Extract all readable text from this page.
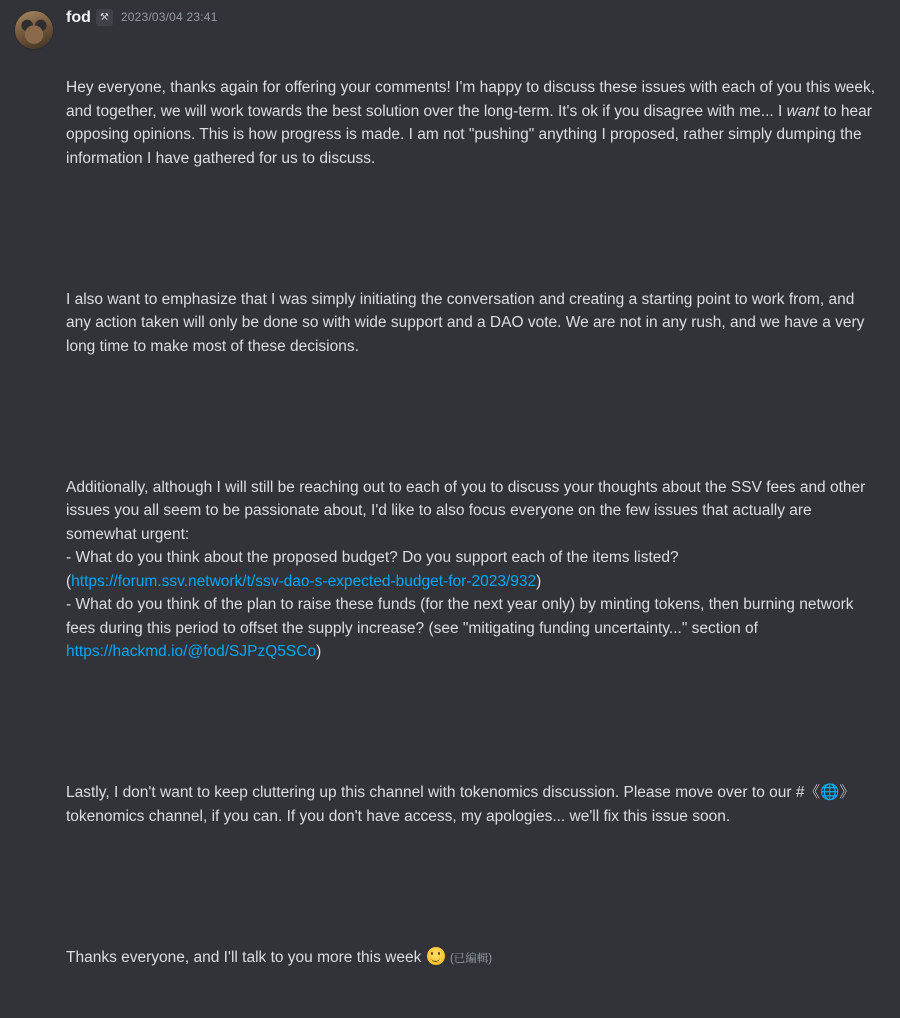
fod ⚒	2023/03/04 23:41

Hey everyone, thanks again for offering your comments! I'm happy to discuss these issues with each of you this week, and together, we will work towards the best solution over the long-term. It's ok if you disagree with me... I want to hear opposing opinions. This is how progress is made. I am not "pushing" anything I proposed, rather simply dumping the information I have gathered for us to discuss.

I also want to emphasize that I was simply initiating the conversation and creating a starting point to work from, and any action taken will only be done so with wide support and a DAO vote. We are not in any rush, and we have a very long time to make most of these decisions.

Additionally, although I will still be reaching out to each of you to discuss your thoughts about the SSV fees and other issues you all seem to be passionate about, I'd like to also focus everyone on the few issues that actually are somewhat urgent:
- What do you think about the proposed budget? Do you support each of the items listed? (https://forum.ssv.network/t/ssv-dao-s-expected-budget-for-2023/932)
- What do you think of the plan to raise these funds (for the next year only) by minting tokens, then burning network fees during this period to offset the supply increase? (see "mitigating funding uncertainty..." section of https://hackmd.io/@fod/SJPzQ5SCo)

Lastly, I don't want to keep cluttering up this channel with tokenomics discussion. Please move over to our #《🌐》 tokenomics channel, if you can. If you don't have access, my apologies... we'll fix this issue soon.

Thanks everyone, and I'll talk to you more this week  (已編輯)
